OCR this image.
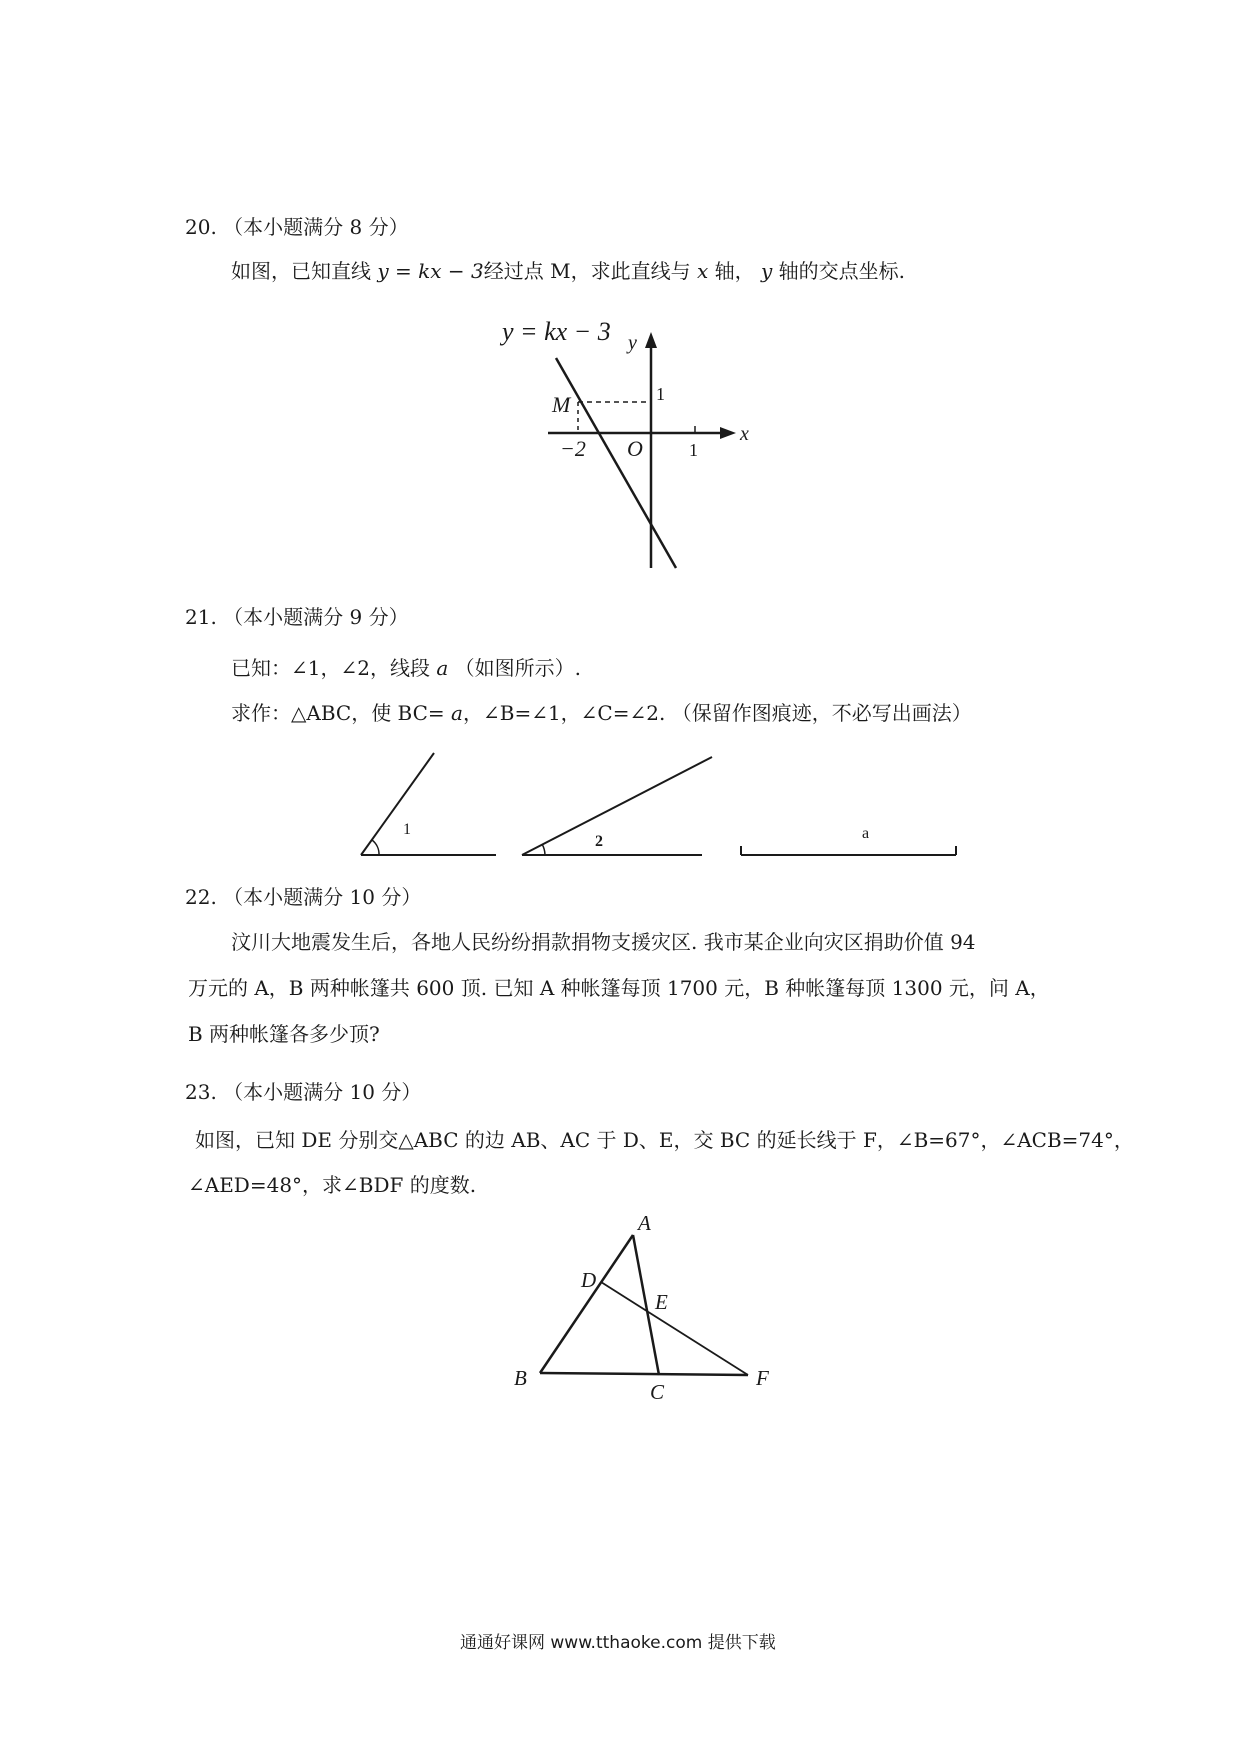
20. （本小题满分 8 分）
如图，已知直线 y = kx − 3经过点 M，求此直线与 x 轴， y 轴的交点坐标.
y = kx − 3 y
x
M	1
−2 O	1
21. （本小题满分 9 分）
已知：∠1，∠2，线段 a （如图所示）.
求作：△ABC，使 BC= a，∠B=∠1，∠C=∠2. （保留作图痕迹，不必写出画法）
1
2	a
22. （本小题满分 10 分）
汶川大地震发生后，各地人民纷纷捐款捐物支援灾区. 我市某企业向灾区捐助价值 94
万元的 A，B 两种帐篷共 600 顶. 已知 A 种帐篷每顶 1700 元，B 种帐篷每顶 1300 元，问 A，
B 两种帐篷各多少顶?
23. （本小题满分 10 分）
如图，已知 DE 分别交△ABC 的边 AB、AC 于 D、E，交 BC 的延长线于 F，∠B=67°，∠ACB=74°，
∠AED=48°，求∠BDF 的度数.
A
D
E
B
C
F
通通好课网 www.tthaoke.com 提供下载
